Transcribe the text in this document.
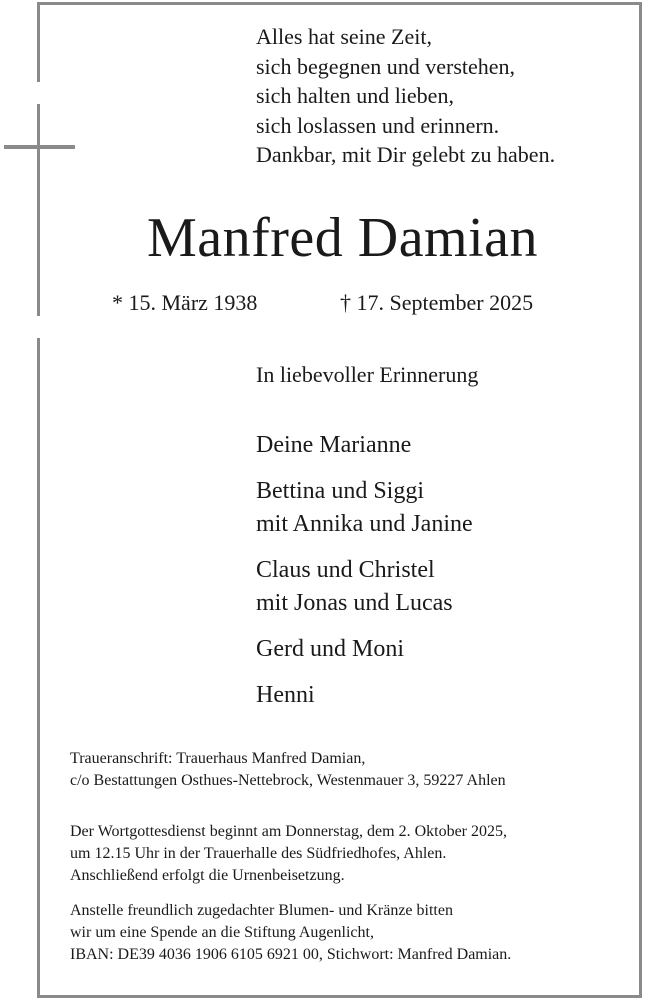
Alles hat seine Zeit,
sich begegnen und verstehen,
sich halten und lieben,
sich loslassen und erinnern.
Dankbar, mit Dir gelebt zu haben.
Manfred Damian
* 15. März 1938	† 17. September 2025
In liebevoller Erinnerung
Deine Marianne
Bettina und Siggi
mit Annika und Janine
Claus und Christel
mit Jonas und Lucas
Gerd und Moni
Henni
Traueranschrift: Trauerhaus Manfred Damian,
c/o Bestattungen Osthues-Nettebrock, Westenmauer 3, 59227 Ahlen
Der Wortgottesdienst beginnt am Donnerstag, dem 2. Oktober 2025,
um 12.15 Uhr in der Trauerhalle des Südfriedhofes, Ahlen.
Anschließend erfolgt die Urnenbeisetzung.
Anstelle freundlich zugedachter Blumen- und Kränze bitten
wir um eine Spende an die Stiftung Augenlicht,
IBAN: DE39 4036 1906 6105 6921 00, Stichwort: Manfred Damian.
